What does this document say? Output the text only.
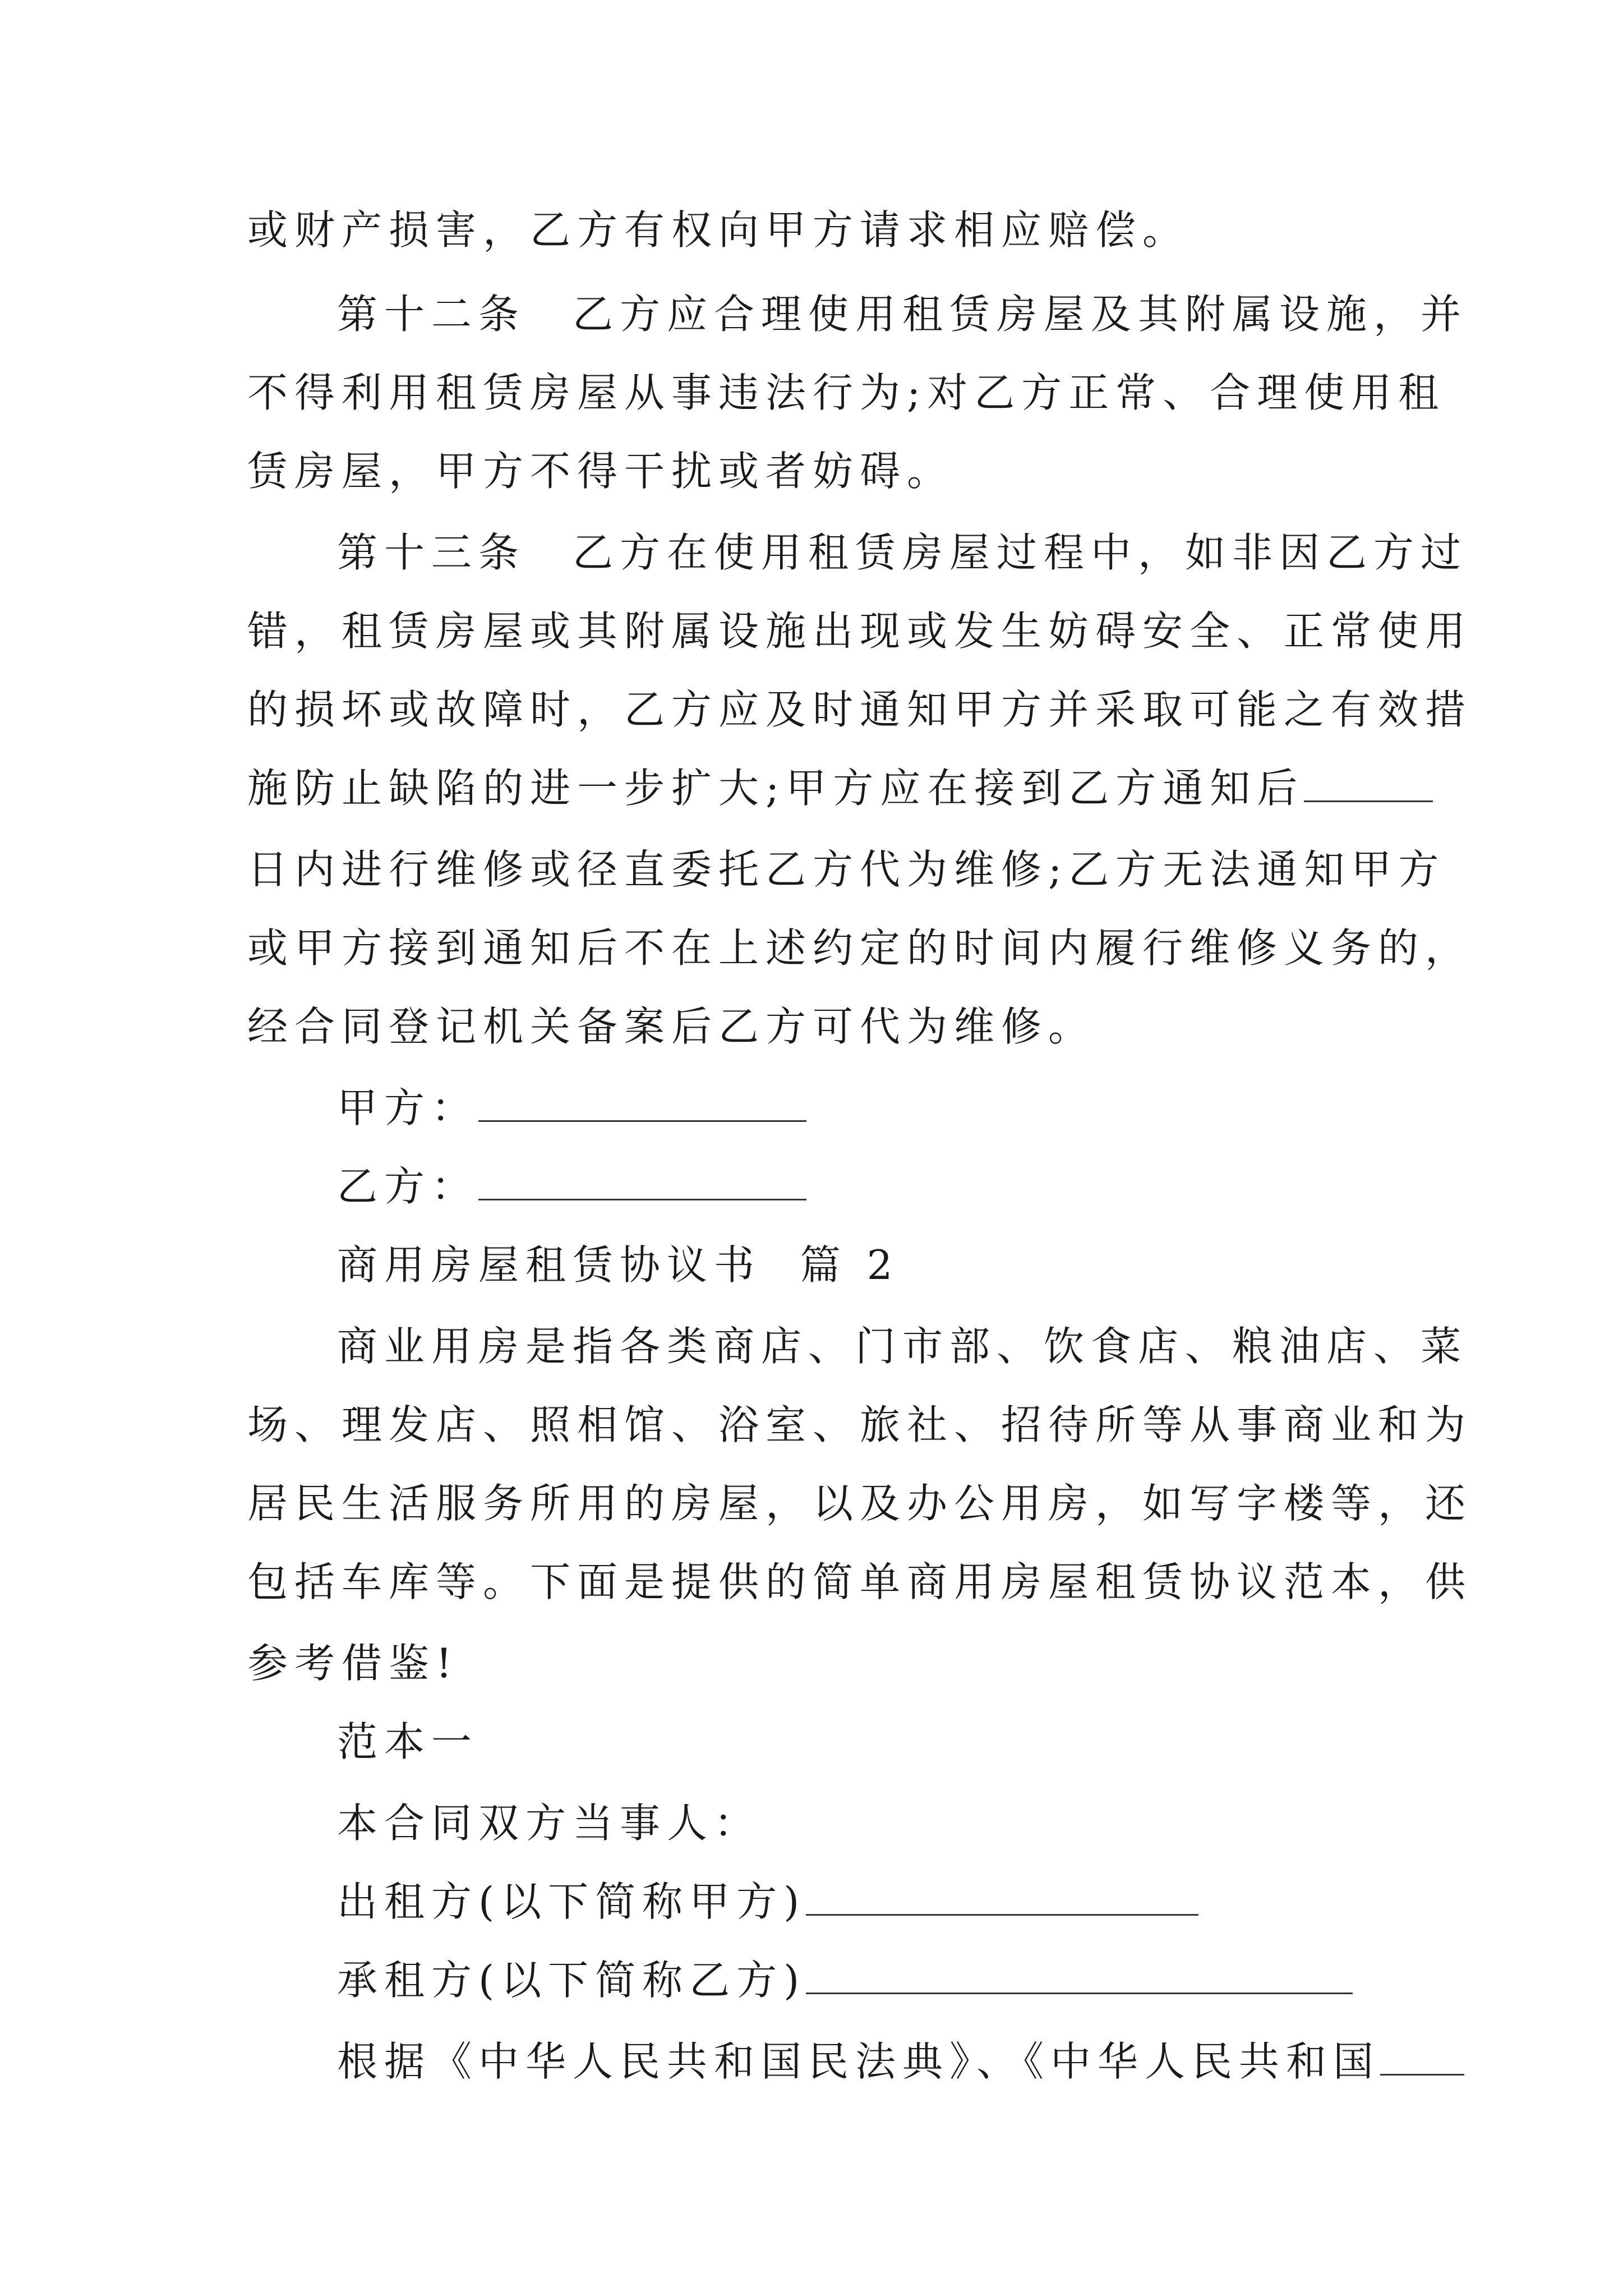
或财产损害，乙方有权向甲方请求相应赔偿。
第十二条　乙方应合理使用租赁房屋及其附属设施，并
不得利用租赁房屋从事违法行为;对乙方正常、合理使用租
赁房屋，甲方不得干扰或者妨碍。
第十三条　乙方在使用租赁房屋过程中，如非因乙方过
错，租赁房屋或其附属设施出现或发生妨碍安全、正常使用
的损坏或故障时，乙方应及时通知甲方并采取可能之有效措
施防止缺陷的进一步扩大;甲方应在接到乙方通知后
日内进行维修或径直委托乙方代为维修;乙方无法通知甲方
或甲方接到通知后不在上述约定的时间内履行维修义务的，
经合同登记机关备案后乙方可代为维修。
甲方：
乙方：
商用房屋租赁协议书  篇 2
商业用房是指各类商店、门市部、饮食店、粮油店、菜
场、理发店、照相馆、浴室、旅社、招待所等从事商业和为
居民生活服务所用的房屋，以及办公用房，如写字楼等，还
包括车库等。下面是提供的简单商用房屋租赁协议范本，供
参考借鉴!
范本一
本合同双方当事人：
出租方(以下简称甲方)
承租方(以下简称乙方)
根据《中华人民共和国民法典》、《中华人民共和国
